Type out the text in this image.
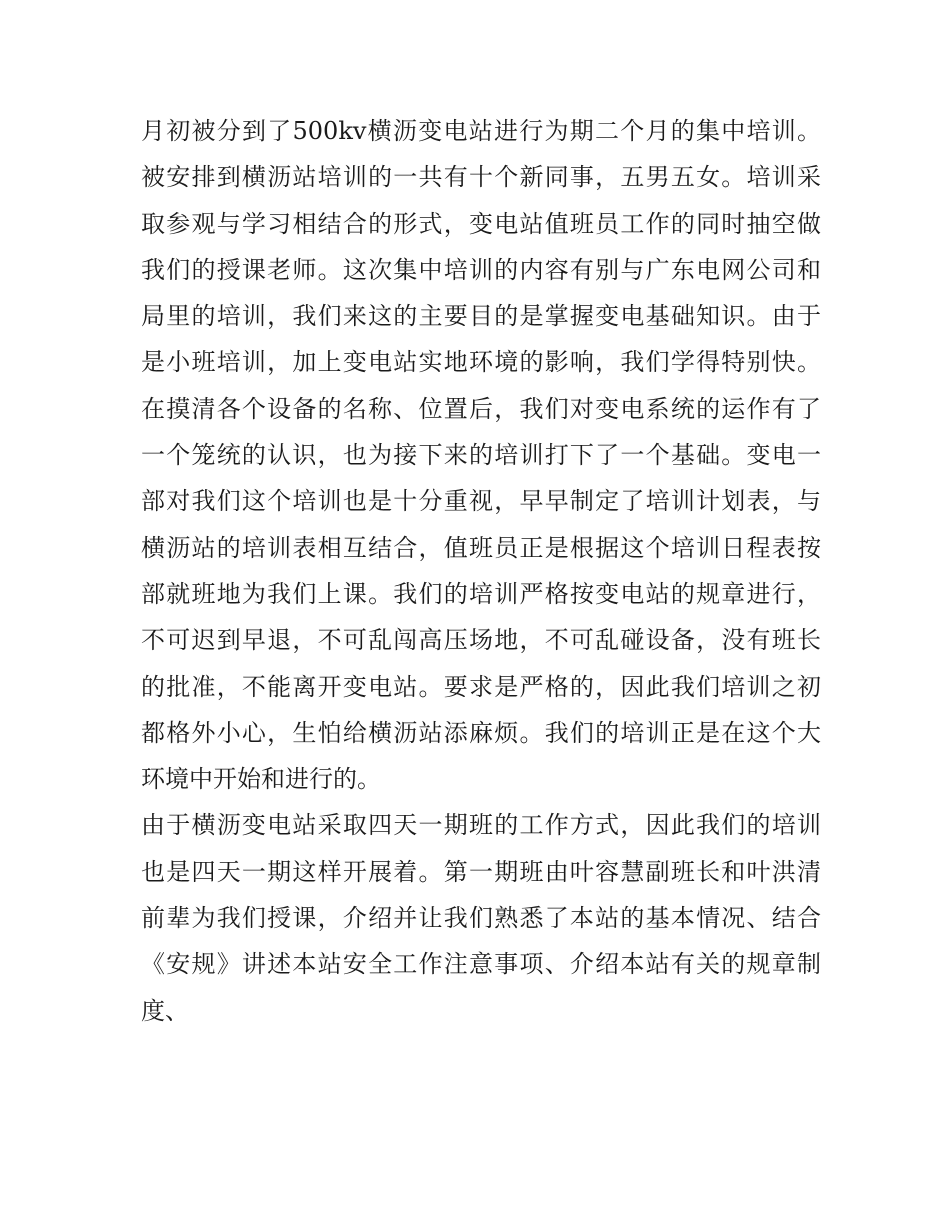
月初被分到了500kv横沥变电站进行为期二个月的集中培训。
被安排到横沥站培训的一共有十个新同事，五男五女。培训采
取参观与学习相结合的形式，变电站值班员工作的同时抽空做
我们的授课老师。这次集中培训的内容有别与广东电网公司和
局里的培训，我们来这的主要目的是掌握变电基础知识。由于
是小班培训，加上变电站实地环境的影响，我们学得特别快。
在摸清各个设备的名称、位置后，我们对变电系统的运作有了
一个笼统的认识，也为接下来的培训打下了一个基础。变电一
部对我们这个培训也是十分重视，早早制定了培训计划表，与
横沥站的培训表相互结合，值班员正是根据这个培训日程表按
部就班地为我们上课。我们的培训严格按变电站的规章进行，
不可迟到早退，不可乱闯高压场地，不可乱碰设备，没有班长
的批准，不能离开变电站。要求是严格的，因此我们培训之初
都格外小心，生怕给横沥站添麻烦。我们的培训正是在这个大
环境中开始和进行的。
由于横沥变电站采取四天一期班的工作方式，因此我们的培训
也是四天一期这样开展着。第一期班由叶容慧副班长和叶洪清
前辈为我们授课，介绍并让我们熟悉了本站的基本情况、结合
《安规》讲述本站安全工作注意事项、介绍本站有关的规章制
度、
